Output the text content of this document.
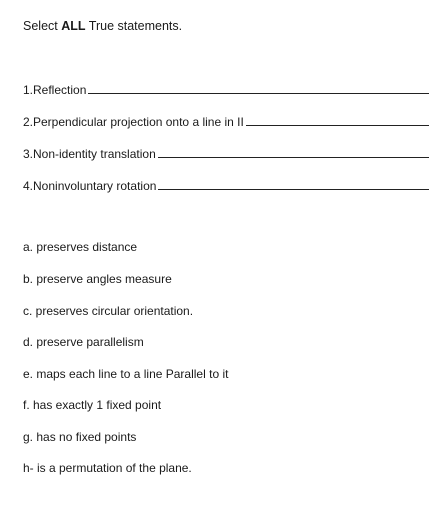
Select ALL True statements.
1.Reflection
2.Perpendicular projection onto a line in II
3.Non-identity translation
4.Noninvoluntary rotation
a. preserves distance
b. preserve angles measure
c. preserves circular orientation.
d. preserve parallelism
e. maps each line to a line Parallel to it
f. has exactly 1 fixed point
g. has no fixed points
h- is a permutation of the plane.
